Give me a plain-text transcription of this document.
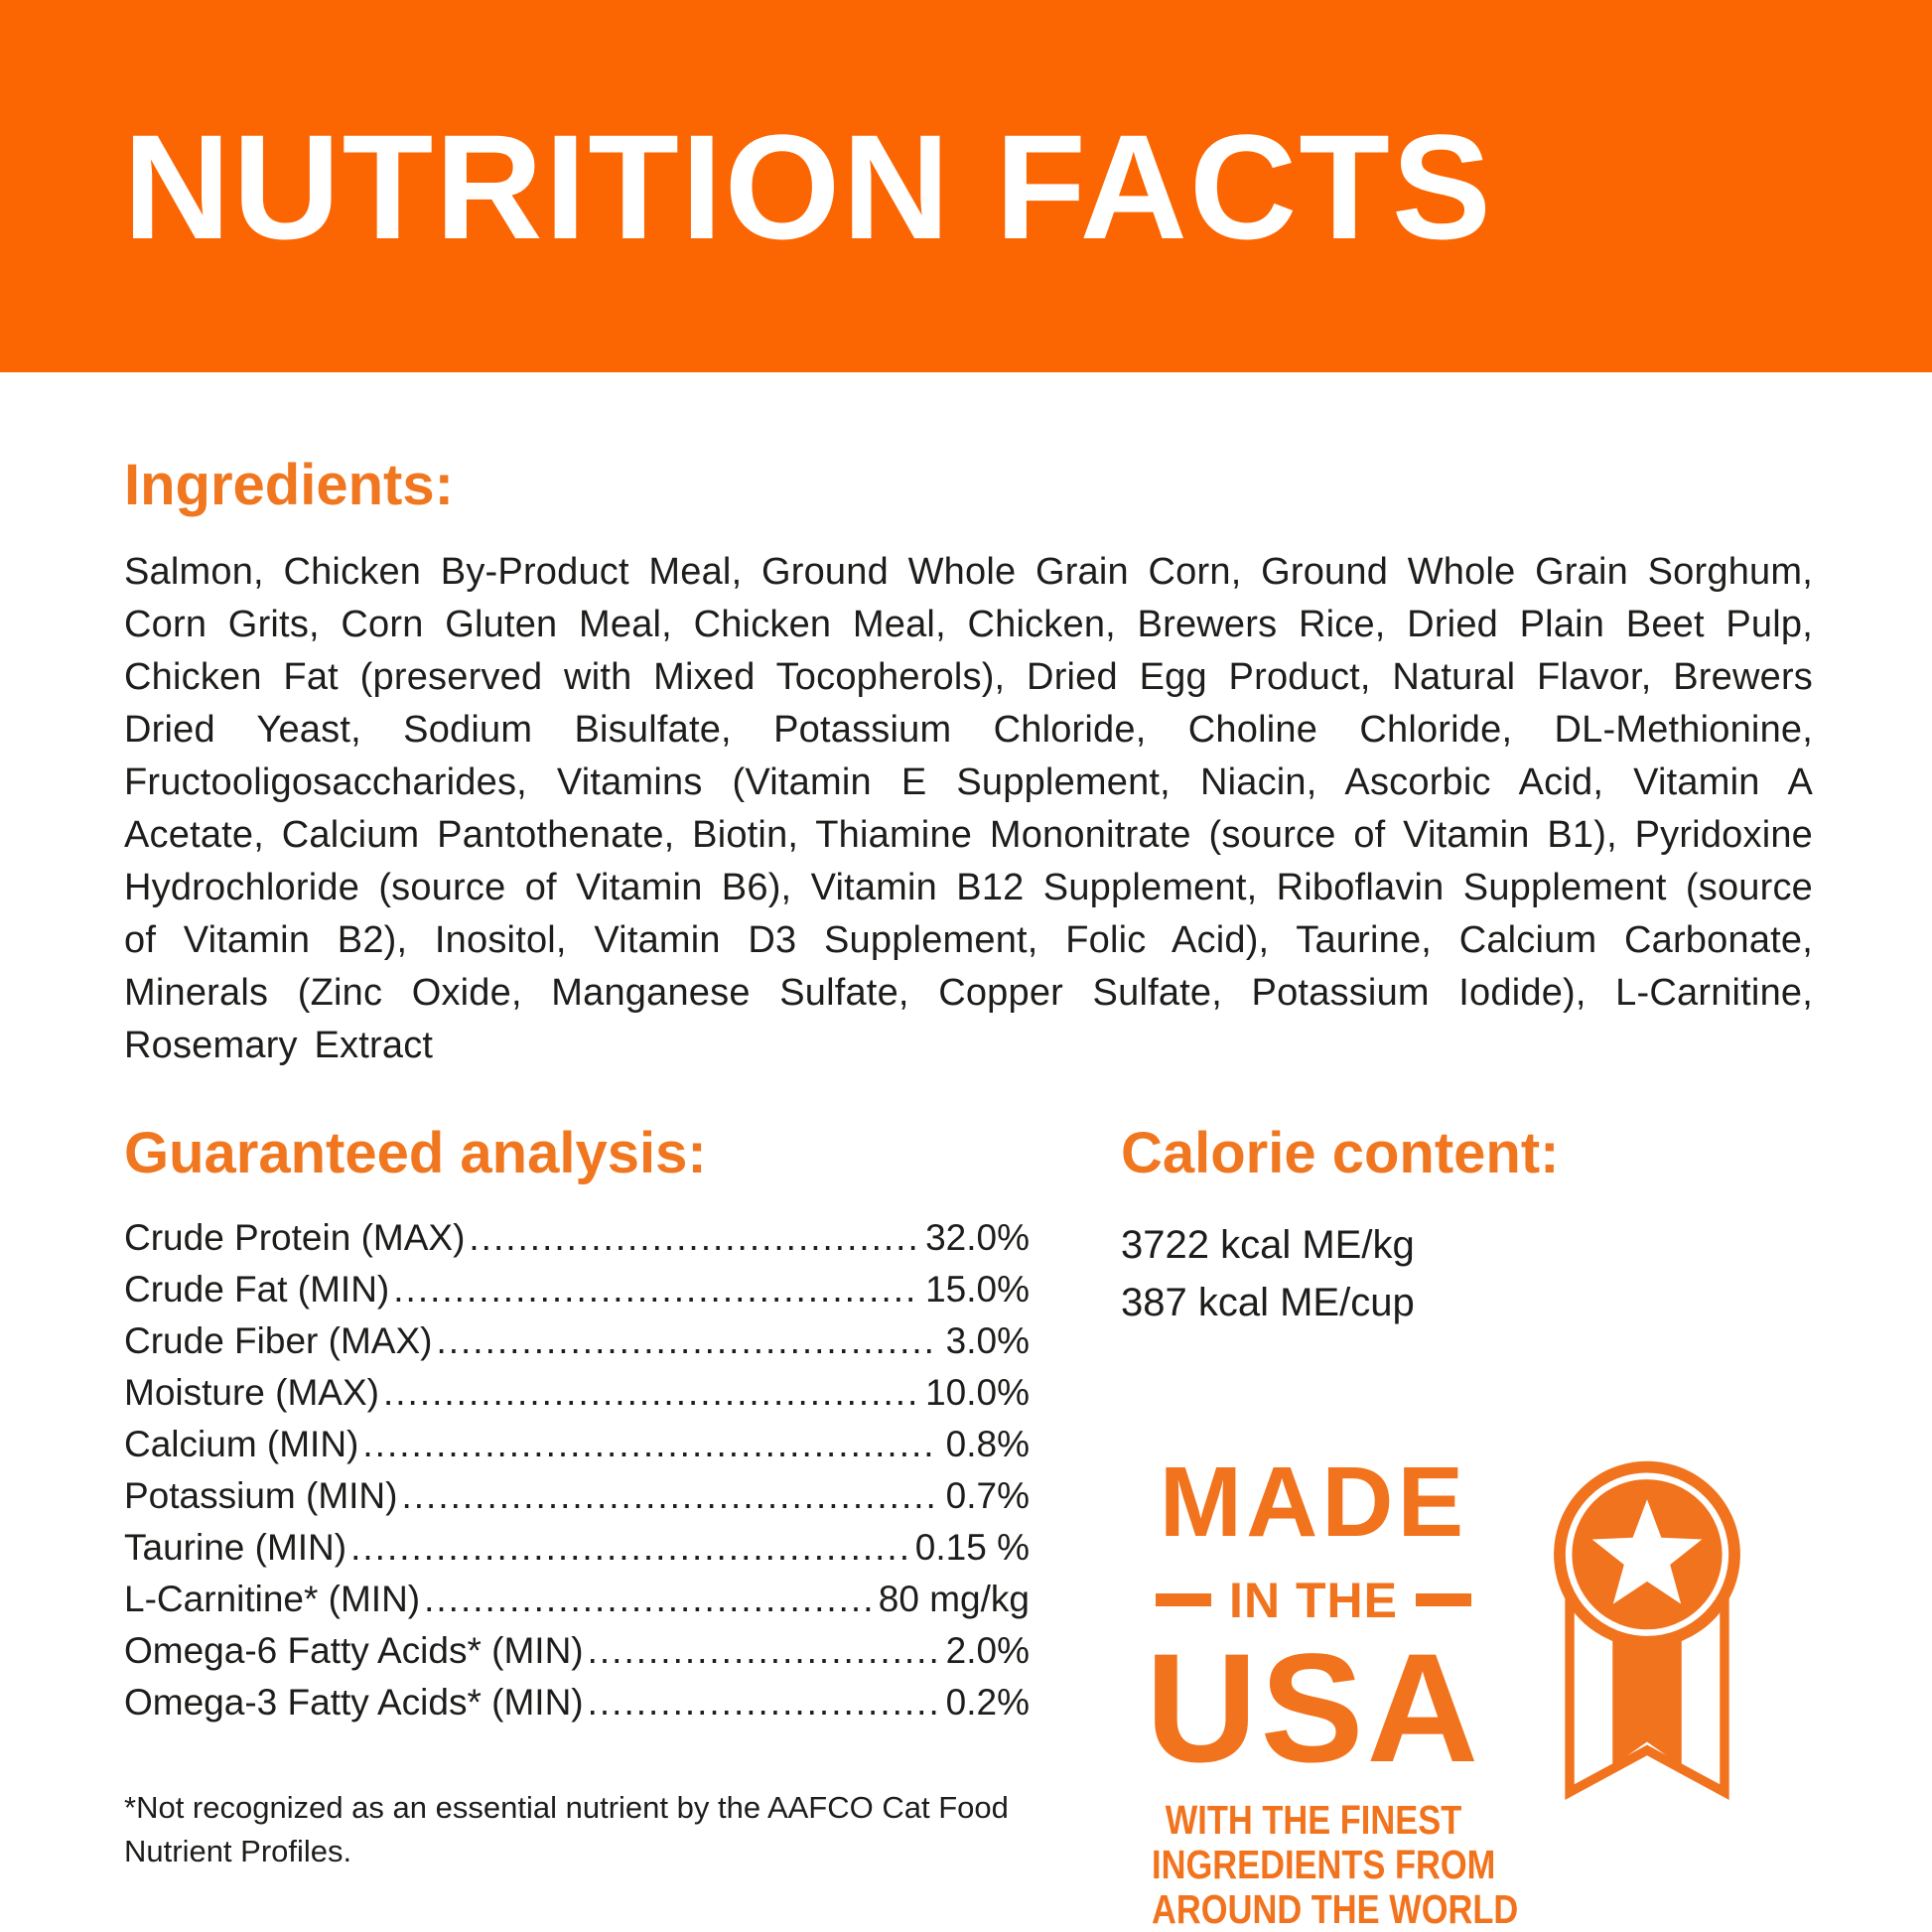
NUTRITION FACTS
Ingredients:

Salmon, Chicken By-Product Meal, Ground Whole Grain Corn, Ground Whole Grain Sorghum, Corn Grits, Corn Gluten Meal, Chicken Meal, Chicken, Brewers Rice, Dried Plain Beet Pulp, Chicken Fat (preserved with Mixed Tocopherols), Dried Egg Product, Natural Flavor, Brewers Dried Yeast, Sodium Bisulfate, Potassium Chloride, Choline Chloride, DL-Methionine, Fructooligosaccharides, Vitamins (Vitamin E Supplement, Niacin, Ascorbic Acid, Vitamin A Acetate, Calcium Pantothenate, Biotin, Thiamine Mononitrate (source of Vitamin B1), Pyridoxine Hydrochloride (source of Vitamin B6), Vitamin B12 Supplement, Riboflavin Supplement (source of Vitamin B2), Inositol, Vitamin D3 Supplement, Folic Acid), Taurine, Calcium Carbonate, Minerals (Zinc Oxide, Manganese Sulfate, Copper Sulfate, Potassium Iodide), L-Carnitine, Rosemary Extract

Guaranteed analysis:
Crude Protein (MAX) .....	32.0%
Crude Fat (MIN) .....	15.0%
Crude Fiber (MAX) .....	3.0%
Moisture (MAX) .....	10.0%
Calcium (MIN) .....	0.8%
Potassium (MIN) .....	0.7%
Taurine (MIN) .....	0.15 %
L-Carnitine* (MIN) .....	80 mg/kg
Omega-6 Fatty Acids* (MIN) .....	2.0%
Omega-3 Fatty Acids* (MIN) .....	0.2%

*Not recognized as an essential nutrient by the AAFCO Cat Food Nutrient Profiles.

Calorie content:
3722 kcal ME/kg
387 kcal ME/cup
MADE
IN THE
USA
WITH THE FINEST
INGREDIENTS FROM
AROUND THE WORLD
